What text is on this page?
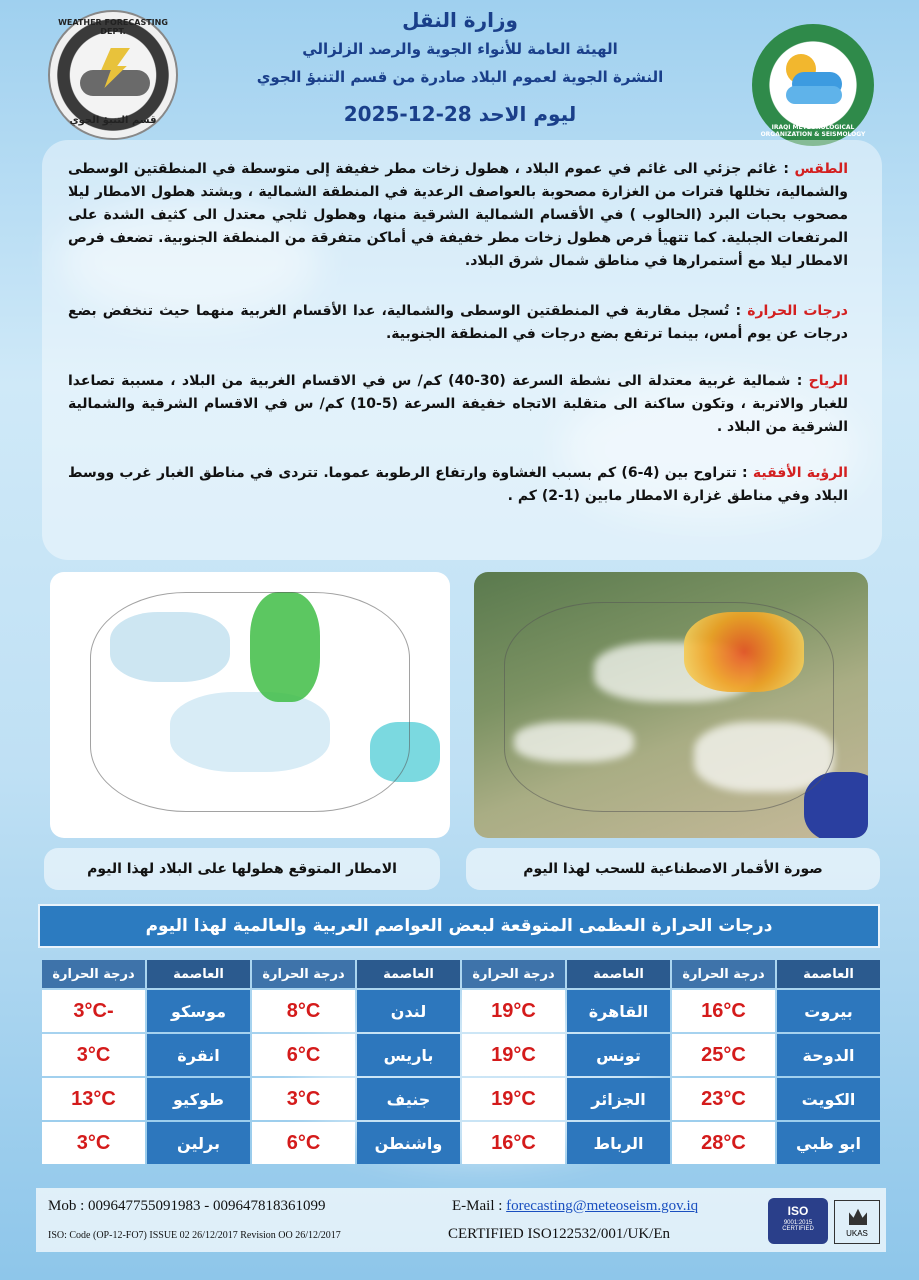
WEATHER FORECASTING DEPT.
قسم التنبؤ الجوي
IRAQI METEOROLOGICAL ORGANIZATION & SEISMOLOGY
وزارة النقل
الهيئة العامة للأنواء الجوية والرصد الزلزالي
النشرة الجوية لعموم البلاد صادرة من قسم التنبؤ الجوي
ليوم الاحد 28-12-2025
الطقس : غائم جزئي الى غائم في عموم البلاد ، هطول زخات مطر خفيفة إلى متوسطة في المنطقتين الوسطى والشمالية، تخللها فترات من الغزارة مصحوبة بالعواصف الرعدية في المنطقة الشمالية ، ويشتد هطول الامطار ليلا مصحوب بحبات البرد (الحالوب ) في الأقسام الشمالية الشرقية منها، وهطول ثلجي معتدل الى كثيف الشدة على المرتفعات الجبلية. كما تتهيأ فرص هطول زخات مطر خفيفة في أماكن متفرقة من المنطقة الجنوبية. تضعف فرص الامطار ليلا مع أستمرارها في مناطق شمال شرق البلاد.
درجات الحرارة : تُسجل مقاربة في المنطقتين الوسطى والشمالية، عدا الأقسام الغربية منهما حيث تنخفض بضع درجات عن يوم أمس، بينما ترتفع بضع درجات في المنطقة الجنوبية.
الرياح : شمالية غربية معتدلة الى نشطة السرعة (30-40) كم/ س في الاقسام الغربية من البلاد ، مسببة تصاعدا للغبار والاتربة ، وتكون ساكنة الى متقلبة الاتجاه خفيفة السرعة (5-10) كم/ س في الاقسام الشرقية والشمالية الشرقية من البلاد .
الرؤية الأفقية : تتراوح بين (4-6) كم بسبب الغشاوة وارتفاع الرطوبة عموما. تتردى في مناطق الغبار غرب ووسط البلاد وفي مناطق غزارة الامطار مابين (1-2) كم .
الامطار المتوقع هطولها على البلاد لهذا اليوم	صورة الأقمار الاصطناعية للسحب لهذا اليوم
درجات الحرارة العظمى المتوقعة لبعض العواصم العربية والعالمية لهذا اليوم
العاصمة	درجة الحرارة	العاصمة	درجة الحرارة	العاصمة	درجة الحرارة	العاصمة	درجة الحرارة
بيروت	16°C	القاهرة	19°C	لندن	8°C	موسكو	-3°C
الدوحة	25°C	تونس	19°C	باريس	6°C	انقرة	3°C
الكويت	23°C	الجزائر	19°C	جنيف	3°C	طوكيو	13°C
ابو ظبي	28°C	الرباط	16°C	واشنطن	6°C	برلين	3°C
Mob : 009647755091983 - 009647818361099	E-Mail : forecasting@meteoseism.gov.iq
ISO: Code (OP-12-FO7) ISSUE 02 26/12/2017 Revision OO 26/12/2017	CERTIFIED ISO122532/001/UK/En
ISO
9001:2015 CERTIFIED	UKAS
